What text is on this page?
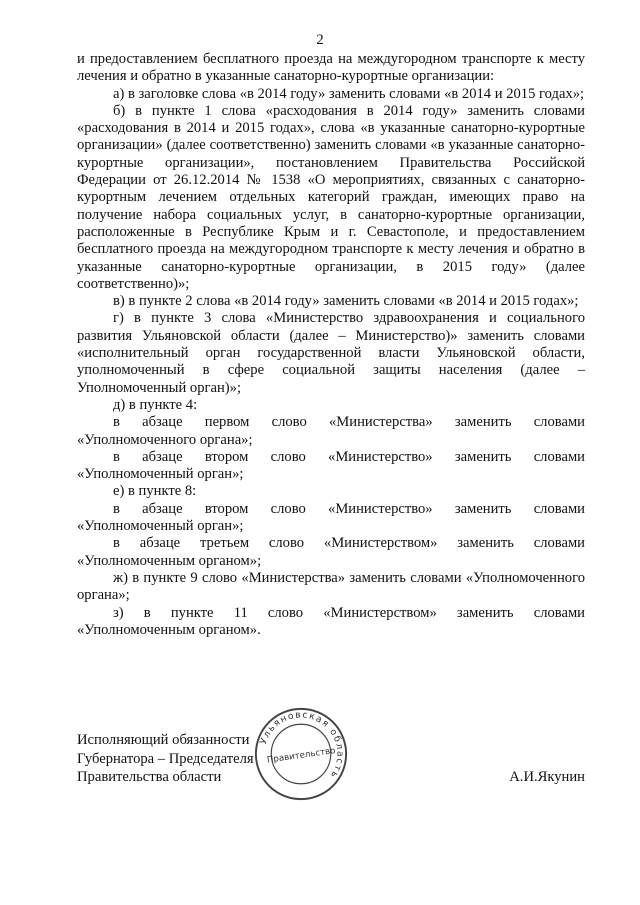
2

и предоставлением бесплатного проезда на междугородном транспорте к месту лечения и обратно в указанные санаторно-курортные организации:

а) в заголовке слова «в 2014 году» заменить словами «в 2014 и 2015 годах»;

б) в пункте 1 слова «расходования в 2014 году» заменить словами «расходования в 2014 и 2015 годах», слова «в указанные санаторно-курортные организации» (далее соответственно) заменить словами «в указанные санаторно-курортные организации», постановлением Правительства Российской Федерации от 26.12.2014 № 1538 «О мероприятиях, связанных с санаторно-курортным лечением отдельных категорий граждан, имеющих право на получение набора социальных услуг, в санаторно-курортные организации, расположенные в Республике Крым и г. Севастополе, и предоставлением бесплатного проезда на междугородном транспорте к месту лечения и обратно в указанные санаторно-курортные организации, в 2015 году» (далее соответственно)»;

в) в пункте 2 слова «в 2014 году» заменить словами «в 2014 и 2015 годах»;

г) в пункте 3 слова «Министерство здравоохранения и социального развития Ульяновской области (далее – Министерство)» заменить словами «исполнительный орган государственной власти Ульяновской области, уполномоченный в сфере социальной защиты населения (далее – Уполномоченный орган)»;

д) в пункте 4:

в абзаце первом слово «Министерства» заменить словами «Уполномоченного органа»;

в абзаце втором слово «Министерство» заменить словами «Уполномоченный орган»;

е) в пункте 8:

в абзаце втором слово «Министерство» заменить словами «Уполномоченный орган»;

в абзаце третьем слово «Министерством» заменить словами «Уполномоченным органом»;

ж) в пункте 9 слово «Министерства» заменить словами «Уполномоченного органа»;

з) в пункте 11 слово «Министерством» заменить словами «Уполномоченным органом».

Исполняющий обязанности
Губернатора – Председателя
Правительства области	А.И.Якунин
Ульяновская область
Правительство
